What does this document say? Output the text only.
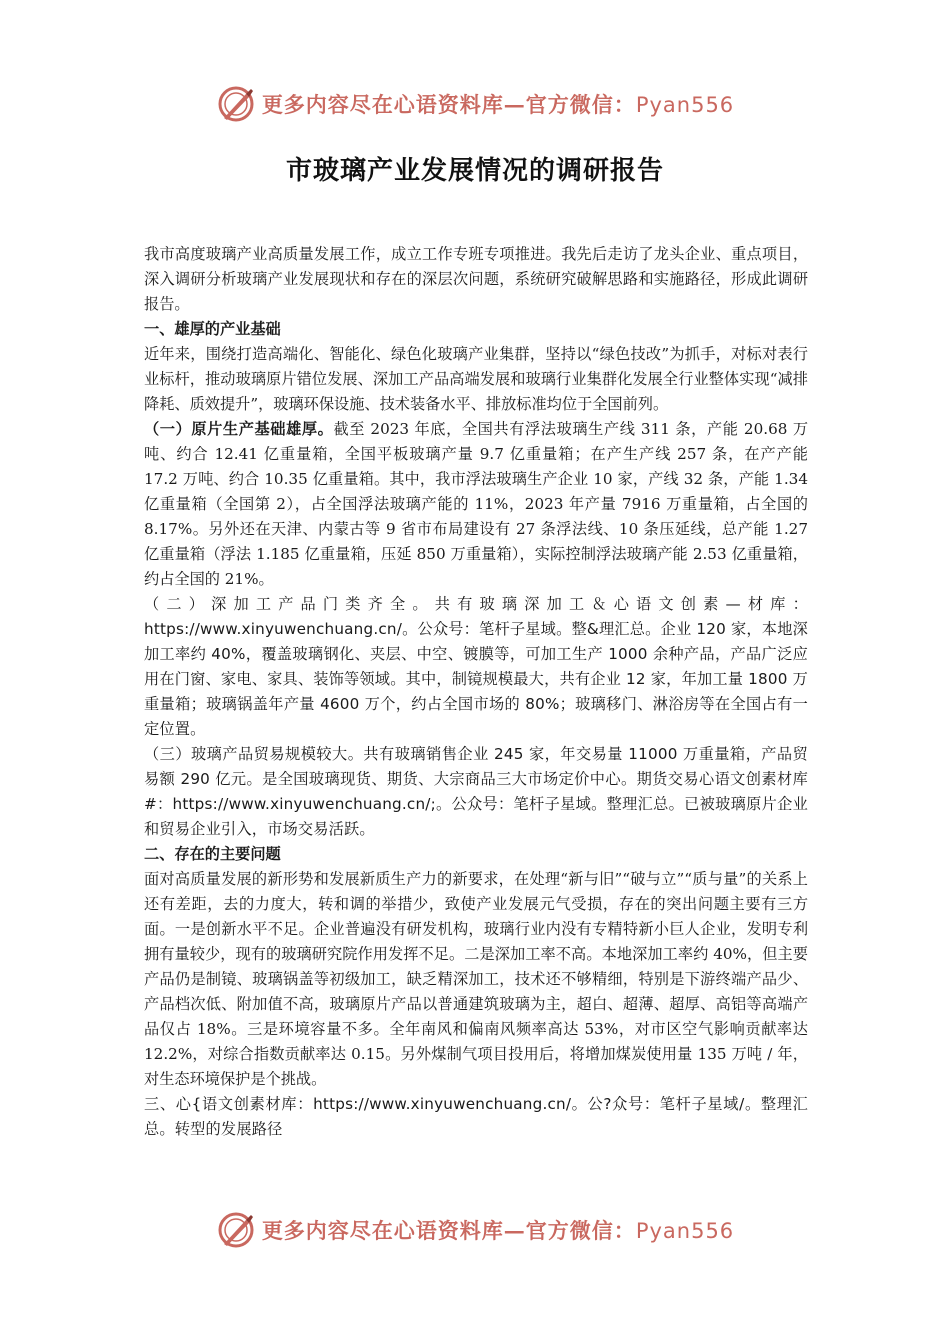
更多内容尽在心语资料库—官方微信：Pyan556
市玻璃产业发展情况的调研报告

我市高度玻璃产业高质量发展工作，成立工作专班专项推进。我先后走访了龙头企业、重点项目，深入调研分析玻璃产业发展现状和存在的深层次问题，系统研究破解思路和实施路径，形成此调研报告。

一、雄厚的产业基础

近年来，围绕打造高端化、智能化、绿色化玻璃产业集群，坚持以“绿色技改”为抓手，对标对表行业标杆，推动玻璃原片错位发展、深加工产品高端发展和玻璃行业集群化发展全行业整体实现“减排降耗、质效提升”，玻璃环保设施、技术装备水平、排放标准均位于全国前列。

（一）原片生产基础雄厚。截至 2023 年底，全国共有浮法玻璃生产线 311 条，产能 20.68 万吨、约合 12.41 亿重量箱，全国平板玻璃产量 9.7 亿重量箱；在产生产线 257 条，在产产能 17.2 万吨、约合 10.35 亿重量箱。其中，我市浮法玻璃生产企业 10 家，产线 32 条，产能 1.34 亿重量箱（全国第 2），占全国浮法玻璃产能的 11%，2023 年产量 7916 万重量箱，占全国的 8.17%。另外还在天津、内蒙古等 9 省市布局建设有 27 条浮法线、10 条压延线，总产能 1.27 亿重量箱（浮法 1.185 亿重量箱，压延 850 万重量箱），实际控制浮法玻璃产能 2.53 亿重量箱，约占全国的 21%。

（二）深加工产品门类齐全。共有玻璃深加工＆心语文创素—材库：https://www.xinyuwenchuang.cn/。公众号：笔杆子星域。整&理汇总。企业 120 家，本地深加工率约 40%，覆盖玻璃钢化、夹层、中空、镀膜等，可加工生产 1000 余种产品，产品广泛应用在门窗、家电、家具、装饰等领域。其中，制镜规模最大，共有企业 12 家，年加工量 1800 万重量箱；玻璃锅盖年产量 4600 万个，约占全国市场的 80%；玻璃移门、淋浴房等在全国占有一定位置。

（三）玻璃产品贸易规模较大。共有玻璃销售企业 245 家，年交易量 11000 万重量箱，产品贸易额 290 亿元。是全国玻璃现货、期货、大宗商品三大市场定价中心。期货交易心语文创素材库#：https://www.xinyuwenchuang.cn/;。公众号：笔杆子星域。整理汇总。已被玻璃原片企业和贸易企业引入，市场交易活跃。

二、存在的主要问题

面对高质量发展的新形势和发展新质生产力的新要求，在处理“新与旧”“破与立”“质与量”的关系上还有差距，去的力度大，转和调的举措少，致使产业发展元气受损，存在的突出问题主要有三方面。一是创新水平不足。企业普遍没有研发机构，玻璃行业内没有专精特新小巨人企业，发明专利拥有量较少，现有的玻璃研究院作用发挥不足。二是深加工率不高。本地深加工率约 40%，但主要产品仍是制镜、玻璃锅盖等初级加工，缺乏精深加工，技术还不够精细，特别是下游终端产品少、产品档次低、附加值不高，玻璃原片产品以普通建筑玻璃为主，超白、超薄、超厚、高铝等高端产品仅占 18%。三是环境容量不多。全年南风和偏南风频率高达 53%，对市区空气影响贡献率达 12.2%，对综合指数贡献率达 0.15。另外煤制气项目投用后，将增加煤炭使用量 135 万吨 / 年，对生态环境保护是个挑战。

三、心{语文创素材库：https://www.xinyuwenchuang.cn/。公?众号：笔杆子星域/。整理汇总。转型的发展路径

更多内容尽在心语资料库—官方微信：Pyan556
